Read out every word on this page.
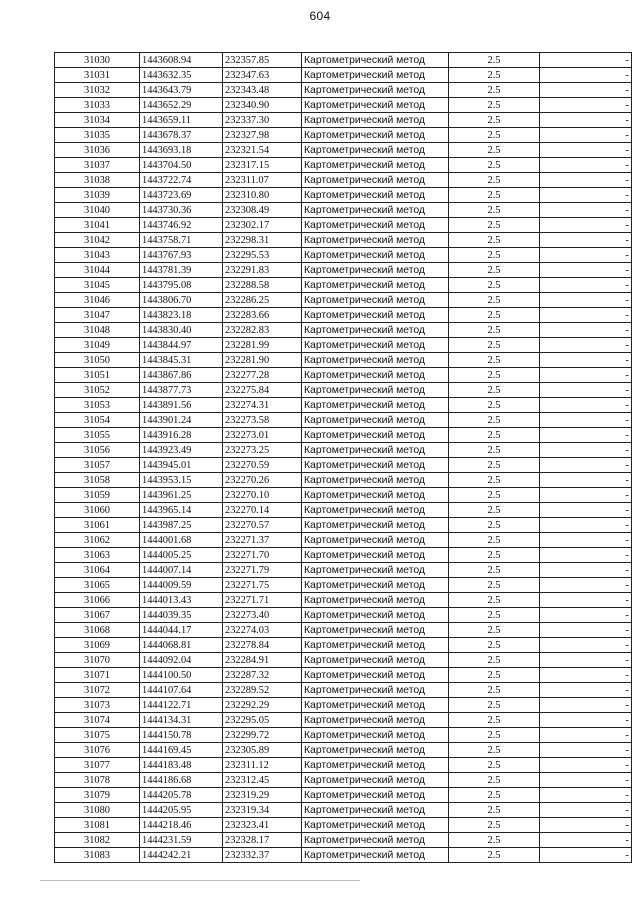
604
31030	1443608.94	232357.85	Картометрический метод	2.5	-
31031	1443632.35	232347.63	Картометрический метод	2.5	-
31032	1443643.79	232343.48	Картометрический метод	2.5	-
31033	1443652.29	232340.90	Картометрический метод	2.5	-
31034	1443659.11	232337.30	Картометрический метод	2.5	-
31035	1443678.37	232327.98	Картометрический метод	2.5	-
31036	1443693.18	232321.54	Картометрический метод	2.5	-
31037	1443704.50	232317.15	Картометрический метод	2.5	-
31038	1443722.74	232311.07	Картометрический метод	2.5	-
31039	1443723.69	232310.80	Картометрический метод	2.5	-
31040	1443730.36	232308.49	Картометрический метод	2.5	-
31041	1443746.92	232302.17	Картометрический метод	2.5	-
31042	1443758.71	232298.31	Картометрический метод	2.5	-
31043	1443767.93	232295.53	Картометрический метод	2.5	-
31044	1443781.39	232291.83	Картометрический метод	2.5	-
31045	1443795.08	232288.58	Картометрический метод	2.5	-
31046	1443806.70	232286.25	Картометрический метод	2.5	-
31047	1443823.18	232283.66	Картометрический метод	2.5	-
31048	1443830.40	232282.83	Картометрический метод	2.5	-
31049	1443844.97	232281.99	Картометрический метод	2.5	-
31050	1443845.31	232281.90	Картометрический метод	2.5	-
31051	1443867.86	232277.28	Картометрический метод	2.5	-
31052	1443877.73	232275.84	Картометрический метод	2.5	-
31053	1443891.56	232274.31	Картометрический метод	2.5	-
31054	1443901.24	232273.58	Картометрический метод	2.5	-
31055	1443916.28	232273.01	Картометрический метод	2.5	-
31056	1443923.49	232273.25	Картометрический метод	2.5	-
31057	1443945.01	232270.59	Картометрический метод	2.5	-
31058	1443953.15	232270.26	Картометрический метод	2.5	-
31059	1443961.25	232270.10	Картометрический метод	2.5	-
31060	1443965.14	232270.14	Картометрический метод	2.5	-
31061	1443987.25	232270.57	Картометрический метод	2.5	-
31062	1444001.68	232271.37	Картометрический метод	2.5	-
31063	1444005.25	232271.70	Картометрический метод	2.5	-
31064	1444007.14	232271.79	Картометрический метод	2.5	-
31065	1444009.59	232271.75	Картометрический метод	2.5	-
31066	1444013.43	232271.71	Картометрический метод	2.5	-
31067	1444039.35	232273.40	Картометрический метод	2.5	-
31068	1444044.17	232274.03	Картометрический метод	2.5	-
31069	1444068.81	232278.84	Картометрический метод	2.5	-
31070	1444092.04	232284.91	Картометрический метод	2.5	-
31071	1444100.50	232287.32	Картометрический метод	2.5	-
31072	1444107.64	232289.52	Картометрический метод	2.5	-
31073	1444122.71	232292.29	Картометрический метод	2.5	-
31074	1444134.31	232295.05	Картометрический метод	2.5	-
31075	1444150.78	232299.72	Картометрический метод	2.5	-
31076	1444169.45	232305.89	Картометрический метод	2.5	-
31077	1444183.48	232311.12	Картометрический метод	2.5	-
31078	1444186.68	232312.45	Картометрический метод	2.5	-
31079	1444205.78	232319.29	Картометрический метод	2.5	-
31080	1444205.95	232319.34	Картометрический метод	2.5	-
31081	1444218.46	232323.41	Картометрический метод	2.5	-
31082	1444231.59	232328.17	Картометрический метод	2.5	-
31083	1444242.21	232332.37	Картометрический метод	2.5	-
